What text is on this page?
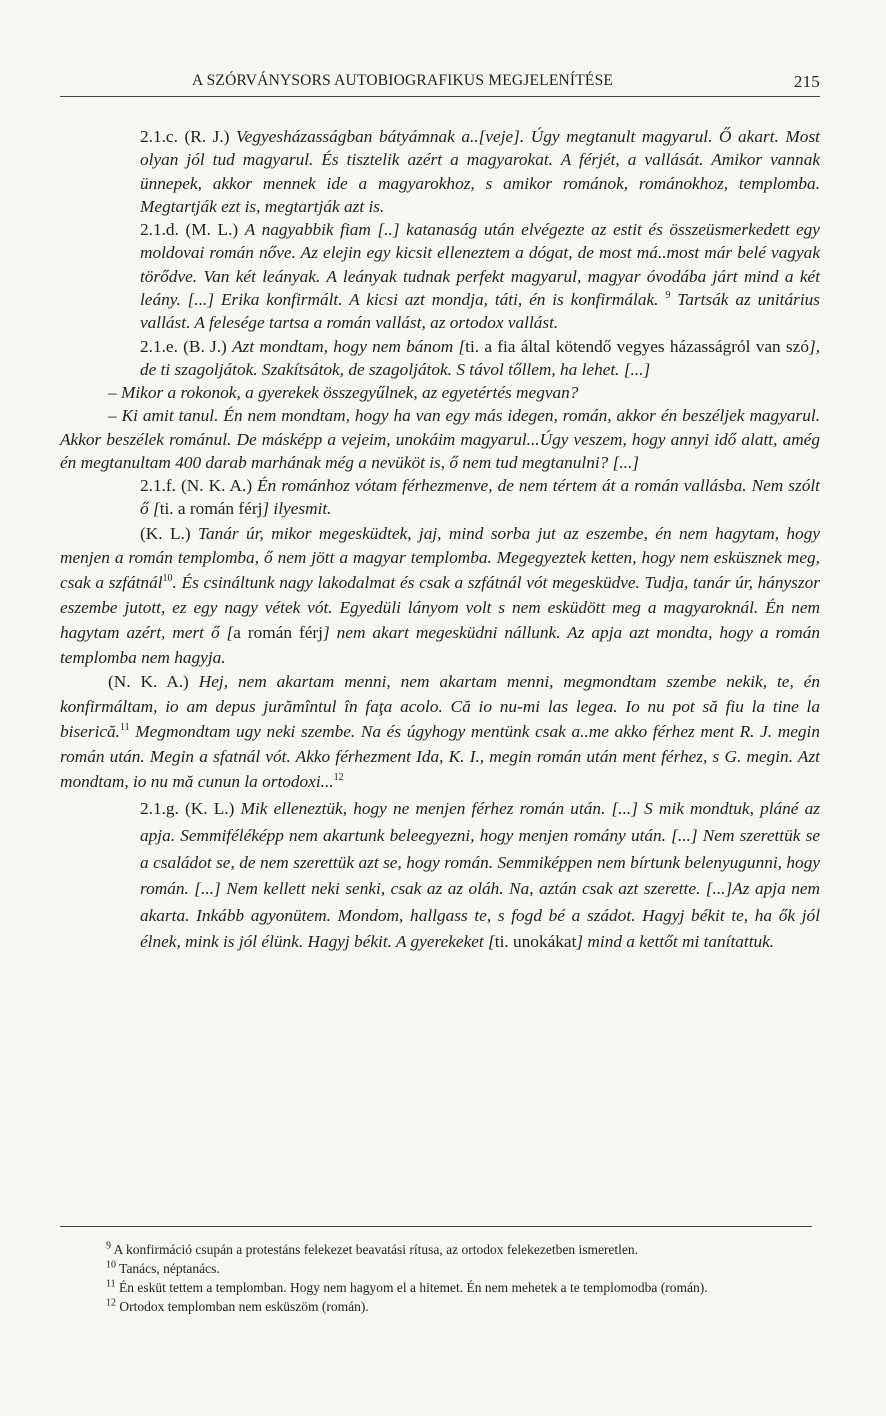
A SZÓRVÁNYSORS AUTOBIOGRAFIKUS MEGJELENÍTÉSE	215

2.1.c. (R. J.) Vegyesházasságban bátyámnak a..[veje]. Úgy megtanult magyarul. Ő akart. Most olyan jól tud magyarul. És tisztelik azért a magyarokat. A férjét, a vallását. Amikor vannak ünnepek, akkor mennek ide a magyarokhoz, s amikor románok, románokhoz, templomba. Megtartják ezt is, megtartják azt is.

2.1.d. (M. L.) A nagyabbik fiam [..] katanaság után elvégezte az estit és összeüsmerkedett egy moldovai román nőve. Az elejin egy kicsit elleneztem a dógat, de most má..most már belé vagyak törődve. Van két leányak. A leányak tudnak perfekt magyarul, magyar óvodába járt mind a két leány. [...] Erika konfirmált. A kicsi azt mondja, táti, én is konfirmálak. $^9$ Tartsák az unitárius vallást. A felesége tartsa a román vallást, az ortodox vallást.

2.1.e. (B. J.) Azt mondtam, hogy nem bánom [ti. a fia által kötendő vegyes házasságról van szó], de ti szagoljátok. Szakítsátok, de szagoljátok. S távol tőllem, ha lehet. [...]

– Mikor a rokonok, a gyerekek összegyűlnek, az egyetértés megvan?

– Ki amit tanul. Én nem mondtam, hogy ha van egy más idegen, román, akkor én beszéljek magyarul. Akkor beszélek románul. De másképp a vejeim, unokáim magyarul...Úgy veszem, hogy annyi idő alatt, amég én megtanultam 400 darab marhának még a nevüköt is, ő nem tud megtanulni? [...]

2.1.f. (N. K. A.) Én románhoz vótam férhezmenve, de nem tértem át a román vallásba. Nem szólt ő [ti. a román férj] ilyesmit.

(K. L.) Tanár úr, mikor megesküdtek, jaj, mind sorba jut az eszembe, én nem hagytam, hogy menjen a román templomba, ő nem jött a magyar templomba. Megegyeztek ketten, hogy nem esküsznek meg, csak a szfátnál$^{10}$. És csináltunk nagy lakodalmat és csak a szfátnál vót megesküdve. Tudja, tanár úr, hányszor eszembe jutott, ez egy nagy vétek vót. Egyedüli lányom volt s nem esküdött meg a magyaroknál. Én nem hagytam azért, mert ő [a román férj] nem akart megesküdni nállunk. Az apja azt mondta, hogy a román templomba nem hagyja.

(N. K. A.) Hej, nem akartam menni, nem akartam menni, megmondtam szembe nekik, te, én konfirmáltam, io am depus jurămîntul în faţa acolo. Că io nu-mi las legea. Io nu pot să fiu la tine la biserică.$^{11}$ Megmondtam ugy neki szembe. Na és úgyhogy mentünk csak a..me akko férhez ment R. J. megin román után. Megin a sfatnál vót. Akko férhezment Ida, K. I., megin román után ment férhez, s G. megin. Azt mondtam, io nu mă cunun la ortodoxi...$^{12}$

2.1.g. (K. L.) Mik elleneztük, hogy ne menjen férhez román után. [...] S mik mondtuk, pláné az apja. Semmiféléképp nem akartunk beleegyezni, hogy menjen romány után. [...] Nem szerettük se a családot se, de nem szerettük azt se, hogy román. Semmiképpen nem bírtunk belenyugunni, hogy román. [...] Nem kellett neki senki, csak az az oláh. Na, aztán csak azt szerette. [...]Az apja nem akarta. Inkább agyonütem. Mondom, hallgass te, s fogd bé a szádot. Hagyj békit te, ha ők jól élnek, mink is jól élünk. Hagyj békit. A gyerekeket [ti. unokákat] mind a kettőt mi tanítattuk.

$^9$ A konfirmáció csupán a protestáns felekezet beavatási rítusa, az ortodox felekezetben ismeretlen.

$^{10}$ Tanács, néptanács.

$^{11}$ Én esküt tettem a templomban. Hogy nem hagyom el a hitemet. Én nem mehetek a te templomodba (román).

$^{12}$ Ortodox templomban nem esküszöm (román).
